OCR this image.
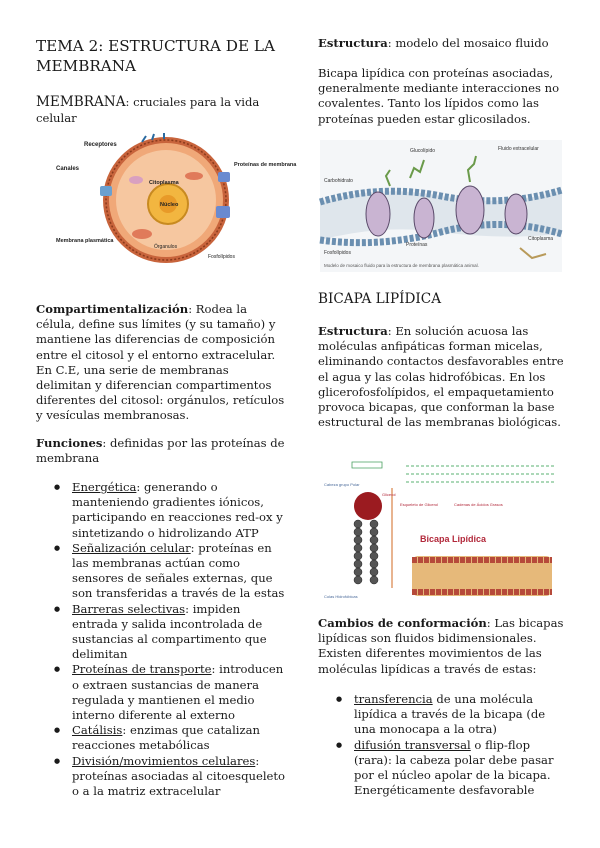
TEMA 2: ESTRUCTURA DE LA MEMBRANA

MEMBRANA: cruciales para la vida celular

Receptores
Canales
Citoplasma
Proteínas de membrana
Núcleo
Membrana plasmática
Órganulos
Fosfolípidos

Compartimentalización: Rodea la célula, define sus límites (y su tamaño) y mantiene las diferencias de composición entre el citosol y el entorno extracelular. En C.E, una serie de membranas delimitan y diferencian compartimentos diferentes del citosol: orgánulos, retículos y vesículas membranosas.

Funciones: definidas por las proteínas de membrana

● Energética: generando o manteniendo gradientes iónicos, participando en reacciones red-ox y sintetizando o hidrolizando ATP
● Señalización celular: proteínas en las membranas actúan como sensores de señales externas, que son transferidas a través de la estas
● Barreras selectivas: impiden entrada y salida incontrolada de sustancias al compartimento que delimitan
● Proteínas de transporte: introducen o extraen sustancias de manera regulada y mantienen el medio interno diferente al externo
● Catálisis: enzimas que catalizan reacciones metabólicas
● División/movimientos celulares: proteínas asociadas al citoesqueleto o a la matriz extracelular

Estructura: modelo del mosaico fluido

Bicapa lipídica con proteínas asociadas, generalmente mediante interacciones no covalentes. Tanto los lípidos como las proteínas pueden estar glicosilados.

Glucolípido	Fluido extracelular
Carbohidrato
Proteínas
Citoplasma
Fosfolípidos
Modelo de mosaico fluido para la estructura de membrana plasmática animal.

BICAPA LIPÍDICA

Estructura: En solución acuosa las moléculas anfipáticas forman micelas, eliminando contactos desfavorables entre el agua y las colas hidrofóbicas. En los glicerofosfolípidos, el empaquetamiento provoca bicapas, que conforman la base estructural de las membranas biológicas.

Bicapa Lipídica
Cabeza grupo Polar
Colas Hidrofóbicas
Glicerol
Esqueleto de Glicerol	Cadenas de Ácidos Grasos

Cambios de conformación: Las bicapas lipídicas son fluidos bidimensionales. Existen diferentes movimientos de las moléculas lipídicas a través de estas:

● transferencia de una molécula lipídica a través de la bicapa (de una monocapa a la otra)
● difusión transversal o flip-flop (rara): la cabeza polar debe pasar por el núcleo apolar de la bicapa. Energéticamente desfavorable
